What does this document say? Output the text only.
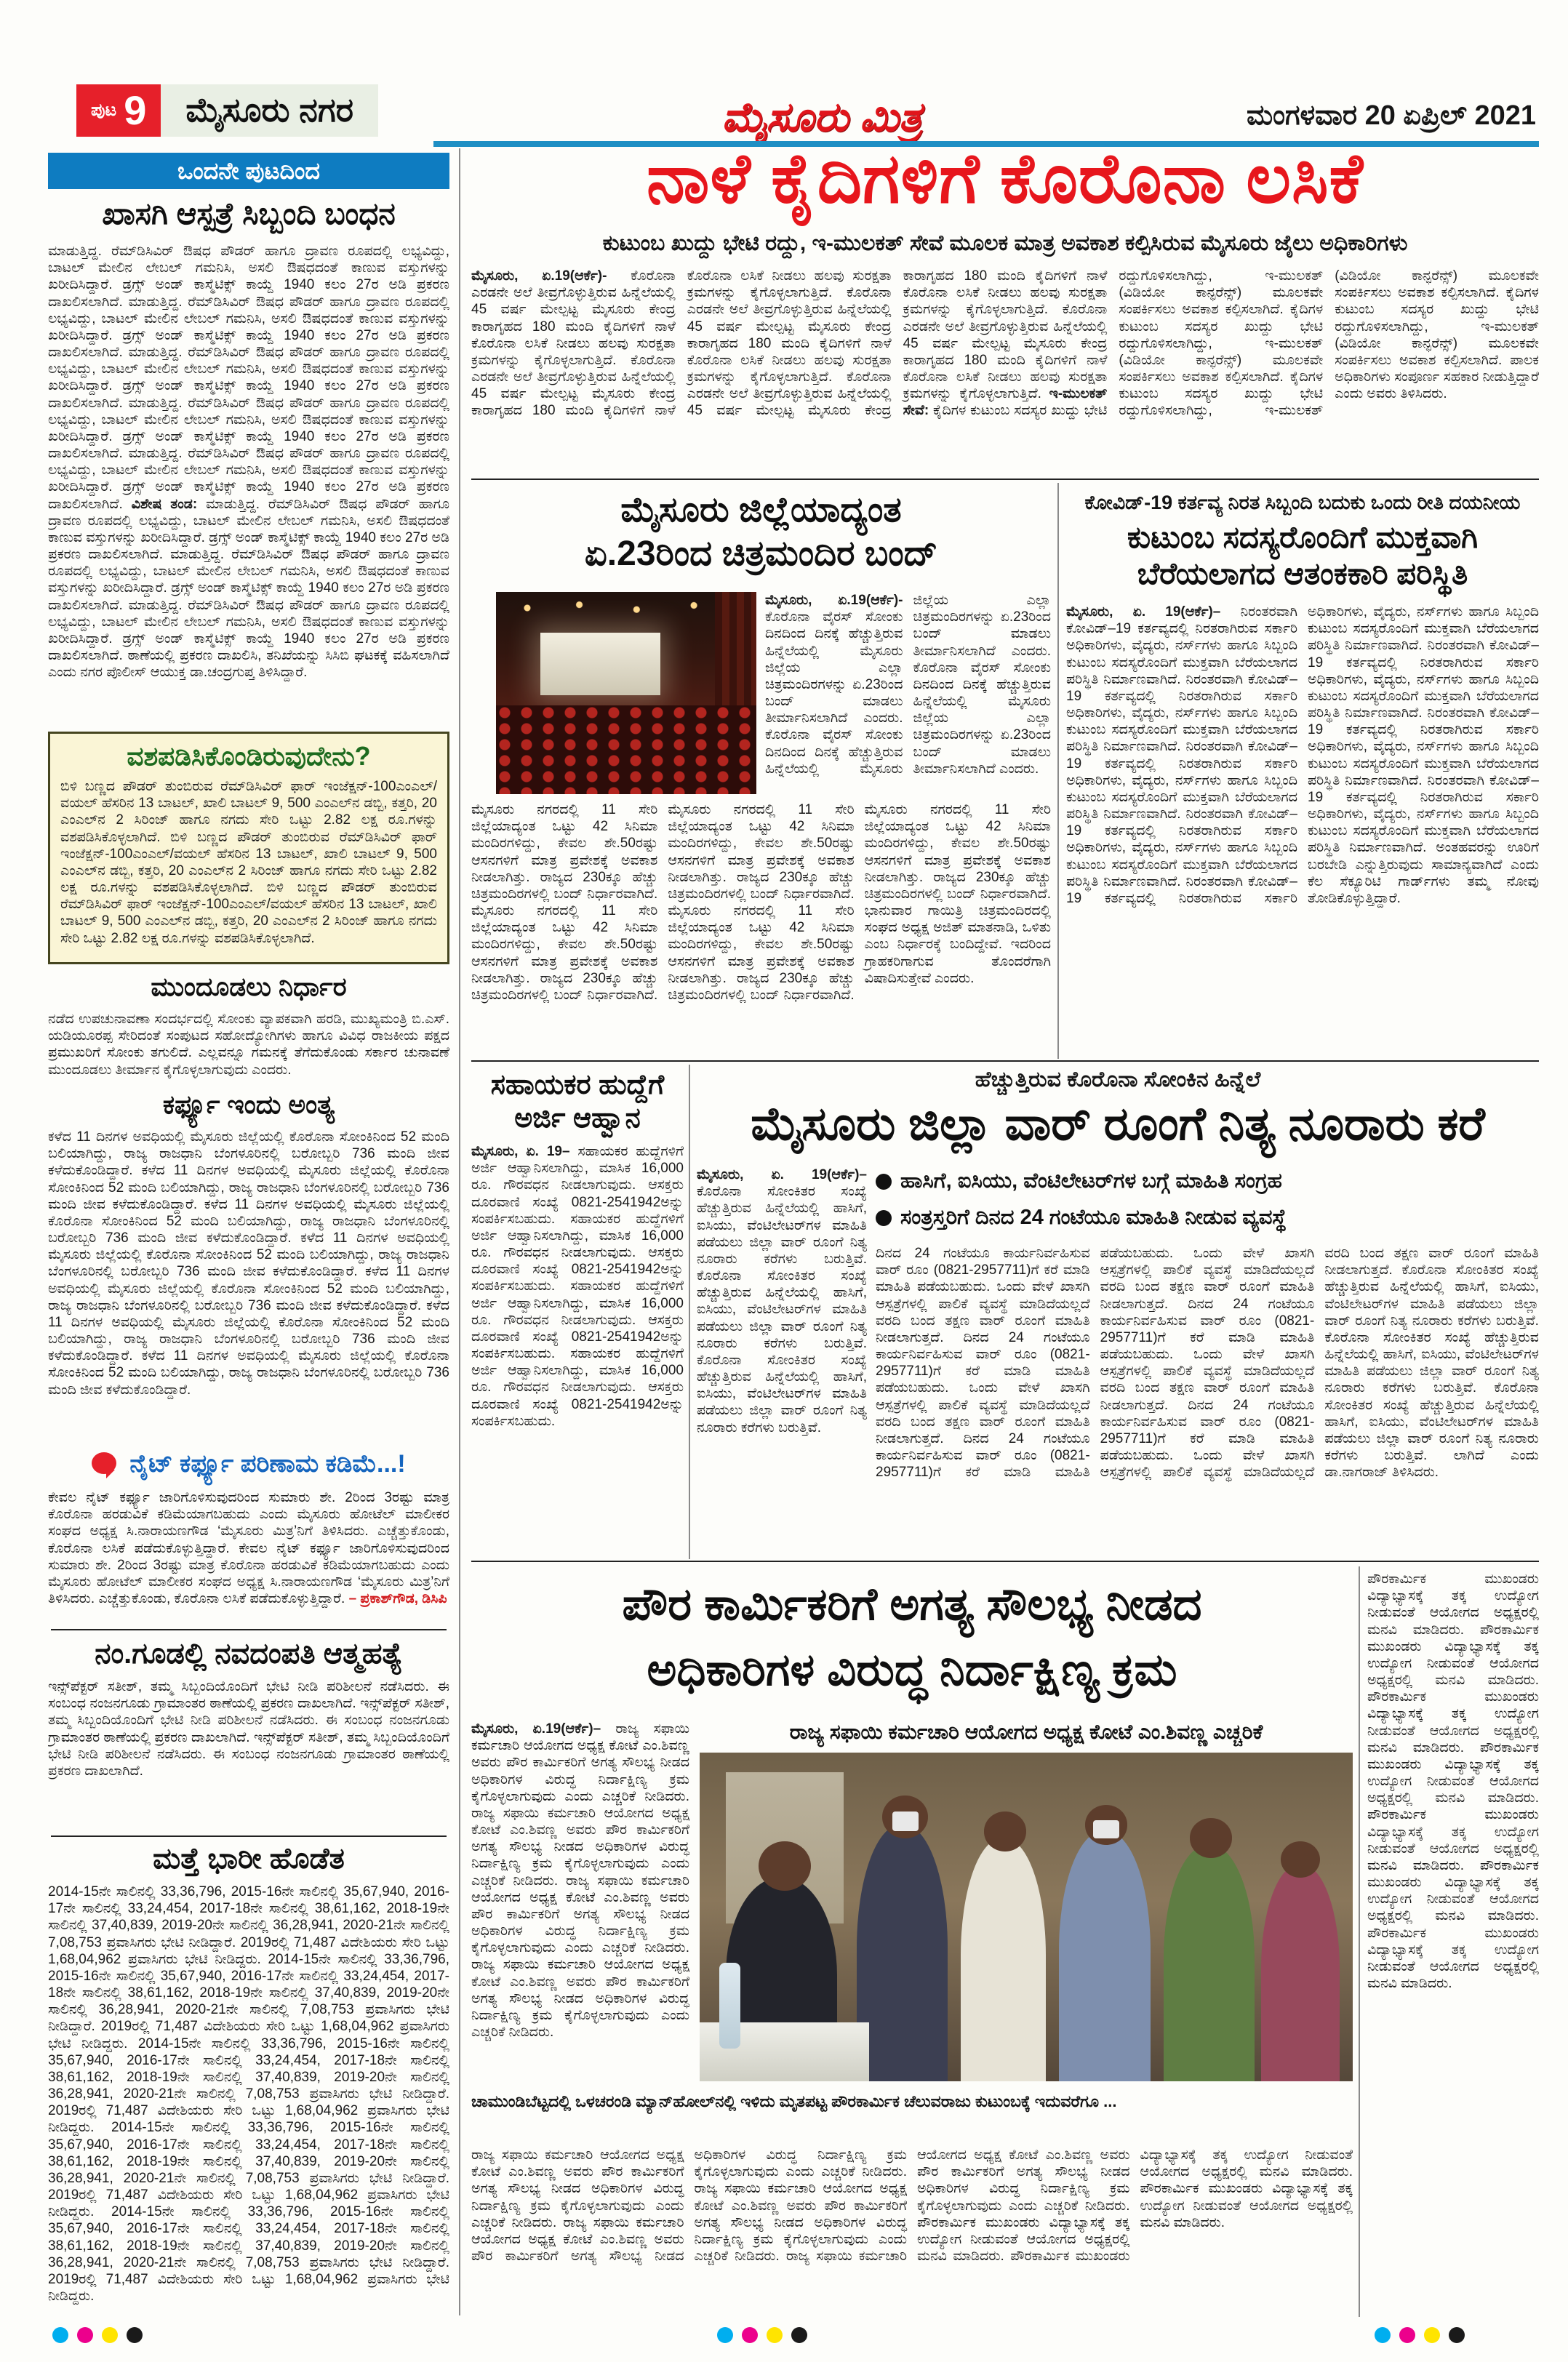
ಪುಟ 9	ಮೈಸೂರು ನಗರ	ಮೈಸೂರು ಮಿತ್ರ	ಮಂಗಳವಾರ 20 ಏಪ್ರಿಲ್ 2021
ಒಂದನೇ ಪುಟದಿಂದ
ಖಾಸಗಿ ಆಸ್ಪತ್ರೆ ಸಿಬ್ಬಂದಿ ಬಂಧನ
ಮಾಡುತ್ತಿದ್ದ. ರೆಮ್‌ಡಿಸಿವಿರ್ ಔಷಧ ಪೌಡರ್ ಹಾಗೂ ದ್ರಾವಣ ರೂಪದಲ್ಲಿ ಲಭ್ಯವಿದ್ದು, ಬಾಟಲ್ ಮೇಲಿನ ಲೇಬಲ್ ಗಮನಿಸಿ, ಅಸಲಿ ಔಷಧದಂತೆ ಕಾಣುವ ವಸ್ತುಗಳನ್ನು ಖರೀದಿಸಿದ್ದಾರೆ. ಡ್ರಗ್ಸ್ ಅಂಡ್ ಕಾಸ್ಮೆಟಿಕ್ಸ್ ಕಾಯ್ದೆ 1940 ಕಲಂ 27ರ ಅಡಿ ಪ್ರಕರಣ ದಾಖಲಿಸಲಾಗಿದೆ. ಮಾಡುತ್ತಿದ್ದ. ರೆಮ್‌ಡಿಸಿವಿರ್ ಔಷಧ ಪೌಡರ್ ಹಾಗೂ ದ್ರಾವಣ ರೂಪದಲ್ಲಿ ಲಭ್ಯವಿದ್ದು, ಬಾಟಲ್ ಮೇಲಿನ ಲೇಬಲ್ ಗಮನಿಸಿ, ಅಸಲಿ ಔಷಧದಂತೆ ಕಾಣುವ ವಸ್ತುಗಳನ್ನು ಖರೀದಿಸಿದ್ದಾರೆ. ಡ್ರಗ್ಸ್ ಅಂಡ್ ಕಾಸ್ಮೆಟಿಕ್ಸ್ ಕಾಯ್ದೆ 1940 ಕಲಂ 27ರ ಅಡಿ ಪ್ರಕರಣ ದಾಖಲಿಸಲಾಗಿದೆ. ಮಾಡುತ್ತಿದ್ದ. ರೆಮ್‌ಡಿಸಿವಿರ್ ಔಷಧ ಪೌಡರ್ ಹಾಗೂ ದ್ರಾವಣ ರೂಪದಲ್ಲಿ ಲಭ್ಯವಿದ್ದು, ಬಾಟಲ್ ಮೇಲಿನ ಲೇಬಲ್ ಗಮನಿಸಿ, ಅಸಲಿ ಔಷಧದಂತೆ ಕಾಣುವ ವಸ್ತುಗಳನ್ನು ಖರೀದಿಸಿದ್ದಾರೆ. ಡ್ರಗ್ಸ್ ಅಂಡ್ ಕಾಸ್ಮೆಟಿಕ್ಸ್ ಕಾಯ್ದೆ 1940 ಕಲಂ 27ರ ಅಡಿ ಪ್ರಕರಣ ದಾಖಲಿಸಲಾಗಿದೆ. ಮಾಡುತ್ತಿದ್ದ. ರೆಮ್‌ಡಿಸಿವಿರ್ ಔಷಧ ಪೌಡರ್ ಹಾಗೂ ದ್ರಾವಣ ರೂಪದಲ್ಲಿ ಲಭ್ಯವಿದ್ದು, ಬಾಟಲ್ ಮೇಲಿನ ಲೇಬಲ್ ಗಮನಿಸಿ, ಅಸಲಿ ಔಷಧದಂತೆ ಕಾಣುವ ವಸ್ತುಗಳನ್ನು ಖರೀದಿಸಿದ್ದಾರೆ. ಡ್ರಗ್ಸ್ ಅಂಡ್ ಕಾಸ್ಮೆಟಿಕ್ಸ್ ಕಾಯ್ದೆ 1940 ಕಲಂ 27ರ ಅಡಿ ಪ್ರಕರಣ ದಾಖಲಿಸಲಾಗಿದೆ. ಮಾಡುತ್ತಿದ್ದ. ರೆಮ್‌ಡಿಸಿವಿರ್ ಔಷಧ ಪೌಡರ್ ಹಾಗೂ ದ್ರಾವಣ ರೂಪದಲ್ಲಿ ಲಭ್ಯವಿದ್ದು, ಬಾಟಲ್ ಮೇಲಿನ ಲೇಬಲ್ ಗಮನಿಸಿ, ಅಸಲಿ ಔಷಧದಂತೆ ಕಾಣುವ ವಸ್ತುಗಳನ್ನು ಖರೀದಿಸಿದ್ದಾರೆ. ಡ್ರಗ್ಸ್ ಅಂಡ್ ಕಾಸ್ಮೆಟಿಕ್ಸ್ ಕಾಯ್ದೆ 1940 ಕಲಂ 27ರ ಅಡಿ ಪ್ರಕರಣ ದಾಖಲಿಸಲಾಗಿದೆ. ವಿಶೇಷ ತಂಡ: ಮಾಡುತ್ತಿದ್ದ. ರೆಮ್‌ಡಿಸಿವಿರ್ ಔಷಧ ಪೌಡರ್ ಹಾಗೂ ದ್ರಾವಣ ರೂಪದಲ್ಲಿ ಲಭ್ಯವಿದ್ದು, ಬಾಟಲ್ ಮೇಲಿನ ಲೇಬಲ್ ಗಮನಿಸಿ, ಅಸಲಿ ಔಷಧದಂತೆ ಕಾಣುವ ವಸ್ತುಗಳನ್ನು ಖರೀದಿಸಿದ್ದಾರೆ. ಡ್ರಗ್ಸ್ ಅಂಡ್ ಕಾಸ್ಮೆಟಿಕ್ಸ್ ಕಾಯ್ದೆ 1940 ಕಲಂ 27ರ ಅಡಿ ಪ್ರಕರಣ ದಾಖಲಿಸಲಾಗಿದೆ. ಮಾಡುತ್ತಿದ್ದ. ರೆಮ್‌ಡಿಸಿವಿರ್ ಔಷಧ ಪೌಡರ್ ಹಾಗೂ ದ್ರಾವಣ ರೂಪದಲ್ಲಿ ಲಭ್ಯವಿದ್ದು, ಬಾಟಲ್ ಮೇಲಿನ ಲೇಬಲ್ ಗಮನಿಸಿ, ಅಸಲಿ ಔಷಧದಂತೆ ಕಾಣುವ ವಸ್ತುಗಳನ್ನು ಖರೀದಿಸಿದ್ದಾರೆ. ಡ್ರಗ್ಸ್ ಅಂಡ್ ಕಾಸ್ಮೆಟಿಕ್ಸ್ ಕಾಯ್ದೆ 1940 ಕಲಂ 27ರ ಅಡಿ ಪ್ರಕರಣ ದಾಖಲಿಸಲಾಗಿದೆ. ಮಾಡುತ್ತಿದ್ದ. ರೆಮ್‌ಡಿಸಿವಿರ್ ಔಷಧ ಪೌಡರ್ ಹಾಗೂ ದ್ರಾವಣ ರೂಪದಲ್ಲಿ ಲಭ್ಯವಿದ್ದು, ಬಾಟಲ್ ಮೇಲಿನ ಲೇಬಲ್ ಗಮನಿಸಿ, ಅಸಲಿ ಔಷಧದಂತೆ ಕಾಣುವ ವಸ್ತುಗಳನ್ನು ಖರೀದಿಸಿದ್ದಾರೆ. ಡ್ರಗ್ಸ್ ಅಂಡ್ ಕಾಸ್ಮೆಟಿಕ್ಸ್ ಕಾಯ್ದೆ 1940 ಕಲಂ 27ರ ಅಡಿ ಪ್ರಕರಣ ದಾಖಲಿಸಲಾಗಿದೆ. ಠಾಣೆಯಲ್ಲಿ ಪ್ರಕರಣ ದಾಖಲಿಸಿ, ತನಿಖೆಯನ್ನು ಸಿಸಿಬಿ ಘಟಕಕ್ಕೆ ವಹಿಸಲಾಗಿದೆ ಎಂದು ನಗರ ಪೊಲೀಸ್ ಆಯುಕ್ತ ಡಾ.ಚಂದ್ರಗುಪ್ತ ತಿಳಿಸಿದ್ದಾರೆ.
ವಶಪಡಿಸಿಕೊಂಡಿರುವುದೇನು?
ಬಿಳಿ ಬಣ್ಣದ ಪೌಡರ್ ತುಂಬಿರುವ ರೆಮ್‌ಡಿಸಿವಿರ್ ಫಾರ್ ಇಂಜೆಕ್ಷನ್-100ಎಂಎಲ್/ವಯಲ್ ಹೆಸರಿನ 13 ಬಾಟಲ್, ಖಾಲಿ ಬಾಟಲ್ 9, 500 ಎಂಎಲ್‌ನ ಡಬ್ಬಿ, ಕತ್ತರಿ, 20 ಎಂಎಲ್‌ನ 2 ಸಿರಿಂಜ್ ಹಾಗೂ ನಗದು ಸೇರಿ ಒಟ್ಟು 2.82 ಲಕ್ಷ ರೂ.ಗಳನ್ನು ವಶಪಡಿಸಿಕೊಳ್ಳಲಾಗಿದೆ. ಬಿಳಿ ಬಣ್ಣದ ಪೌಡರ್ ತುಂಬಿರುವ ರೆಮ್‌ಡಿಸಿವಿರ್ ಫಾರ್ ಇಂಜೆಕ್ಷನ್-100ಎಂಎಲ್/ವಯಲ್ ಹೆಸರಿನ 13 ಬಾಟಲ್, ಖಾಲಿ ಬಾಟಲ್ 9, 500 ಎಂಎಲ್‌ನ ಡಬ್ಬಿ, ಕತ್ತರಿ, 20 ಎಂಎಲ್‌ನ 2 ಸಿರಿಂಜ್ ಹಾಗೂ ನಗದು ಸೇರಿ ಒಟ್ಟು 2.82 ಲಕ್ಷ ರೂ.ಗಳನ್ನು ವಶಪಡಿಸಿಕೊಳ್ಳಲಾಗಿದೆ. ಬಿಳಿ ಬಣ್ಣದ ಪೌಡರ್ ತುಂಬಿರುವ ರೆಮ್‌ಡಿಸಿವಿರ್ ಫಾರ್ ಇಂಜೆಕ್ಷನ್-100ಎಂಎಲ್/ವಯಲ್ ಹೆಸರಿನ 13 ಬಾಟಲ್, ಖಾಲಿ ಬಾಟಲ್ 9, 500 ಎಂಎಲ್‌ನ ಡಬ್ಬಿ, ಕತ್ತರಿ, 20 ಎಂಎಲ್‌ನ 2 ಸಿರಿಂಜ್ ಹಾಗೂ ನಗದು ಸೇರಿ ಒಟ್ಟು 2.82 ಲಕ್ಷ ರೂ.ಗಳನ್ನು ವಶಪಡಿಸಿಕೊಳ್ಳಲಾಗಿದೆ.
ಮುಂದೂಡಲು ನಿರ್ಧಾರ
ನಡೆದ ಉಪಚುನಾವಣಾ ಸಂದರ್ಭದಲ್ಲಿ ಸೋಂಕು ವ್ಯಾಪಕವಾಗಿ ಹರಡಿ, ಮುಖ್ಯಮಂತ್ರಿ ಬಿ.ಎಸ್. ಯಡಿಯೂರಪ್ಪ ಸೇರಿದಂತೆ ಸಂಪುಟದ ಸಹೋದ್ಯೋಗಿಗಳು ಹಾಗೂ ವಿವಿಧ ರಾಜಕೀಯ ಪಕ್ಷದ ಪ್ರಮುಖರಿಗೆ ಸೋಂಕು ತಗುಲಿದೆ. ಎಲ್ಲವನ್ನೂ ಗಮನಕ್ಕೆ ತೆಗೆದುಕೊಂಡು ಸರ್ಕಾರ ಚುನಾವಣೆ ಮುಂದೂಡಲು ತೀರ್ಮಾನ ಕೈಗೊಳ್ಳಲಾಗುವುದು ಎಂದರು.
ಕರ್ಫ್ಯೂ ಇಂದು ಅಂತ್ಯ
ಕಳೆದ 11 ದಿನಗಳ ಅವಧಿಯಲ್ಲಿ ಮೈಸೂರು ಜಿಲ್ಲೆಯಲ್ಲಿ ಕೊರೊನಾ ಸೋಂಕಿನಿಂದ 52 ಮಂದಿ ಬಲಿಯಾಗಿದ್ದು, ರಾಜ್ಯ ರಾಜಧಾನಿ ಬೆಂಗಳೂರಿನಲ್ಲಿ ಬರೋಬ್ಬರಿ 736 ಮಂದಿ ಜೀವ ಕಳೆದುಕೊಂಡಿದ್ದಾರೆ. ಕಳೆದ 11 ದಿನಗಳ ಅವಧಿಯಲ್ಲಿ ಮೈಸೂರು ಜಿಲ್ಲೆಯಲ್ಲಿ ಕೊರೊನಾ ಸೋಂಕಿನಿಂದ 52 ಮಂದಿ ಬಲಿಯಾಗಿದ್ದು, ರಾಜ್ಯ ರಾಜಧಾನಿ ಬೆಂಗಳೂರಿನಲ್ಲಿ ಬರೋಬ್ಬರಿ 736 ಮಂದಿ ಜೀವ ಕಳೆದುಕೊಂಡಿದ್ದಾರೆ. ಕಳೆದ 11 ದಿನಗಳ ಅವಧಿಯಲ್ಲಿ ಮೈಸೂರು ಜಿಲ್ಲೆಯಲ್ಲಿ ಕೊರೊನಾ ಸೋಂಕಿನಿಂದ 52 ಮಂದಿ ಬಲಿಯಾಗಿದ್ದು, ರಾಜ್ಯ ರಾಜಧಾನಿ ಬೆಂಗಳೂರಿನಲ್ಲಿ ಬರೋಬ್ಬರಿ 736 ಮಂದಿ ಜೀವ ಕಳೆದುಕೊಂಡಿದ್ದಾರೆ. ಕಳೆದ 11 ದಿನಗಳ ಅವಧಿಯಲ್ಲಿ ಮೈಸೂರು ಜಿಲ್ಲೆಯಲ್ಲಿ ಕೊರೊನಾ ಸೋಂಕಿನಿಂದ 52 ಮಂದಿ ಬಲಿಯಾಗಿದ್ದು, ರಾಜ್ಯ ರಾಜಧಾನಿ ಬೆಂಗಳೂರಿನಲ್ಲಿ ಬರೋಬ್ಬರಿ 736 ಮಂದಿ ಜೀವ ಕಳೆದುಕೊಂಡಿದ್ದಾರೆ. ಕಳೆದ 11 ದಿನಗಳ ಅವಧಿಯಲ್ಲಿ ಮೈಸೂರು ಜಿಲ್ಲೆಯಲ್ಲಿ ಕೊರೊನಾ ಸೋಂಕಿನಿಂದ 52 ಮಂದಿ ಬಲಿಯಾಗಿದ್ದು, ರಾಜ್ಯ ರಾಜಧಾನಿ ಬೆಂಗಳೂರಿನಲ್ಲಿ ಬರೋಬ್ಬರಿ 736 ಮಂದಿ ಜೀವ ಕಳೆದುಕೊಂಡಿದ್ದಾರೆ. ಕಳೆದ 11 ದಿನಗಳ ಅವಧಿಯಲ್ಲಿ ಮೈಸೂರು ಜಿಲ್ಲೆಯಲ್ಲಿ ಕೊರೊನಾ ಸೋಂಕಿನಿಂದ 52 ಮಂದಿ ಬಲಿಯಾಗಿದ್ದು, ರಾಜ್ಯ ರಾಜಧಾನಿ ಬೆಂಗಳೂರಿನಲ್ಲಿ ಬರೋಬ್ಬರಿ 736 ಮಂದಿ ಜೀವ ಕಳೆದುಕೊಂಡಿದ್ದಾರೆ. ಕಳೆದ 11 ದಿನಗಳ ಅವಧಿಯಲ್ಲಿ ಮೈಸೂರು ಜಿಲ್ಲೆಯಲ್ಲಿ ಕೊರೊನಾ ಸೋಂಕಿನಿಂದ 52 ಮಂದಿ ಬಲಿಯಾಗಿದ್ದು, ರಾಜ್ಯ ರಾಜಧಾನಿ ಬೆಂಗಳೂರಿನಲ್ಲಿ ಬರೋಬ್ಬರಿ 736 ಮಂದಿ ಜೀವ ಕಳೆದುಕೊಂಡಿದ್ದಾರೆ.
ನೈಟ್ ಕರ್ಫ್ಯೂ ಪರಿಣಾಮ ಕಡಿಮೆ...!
ಕೇವಲ ನೈಟ್ ಕರ್ಫ್ಯೂ ಜಾರಿಗೊಳಿಸುವುದರಿಂದ ಸುಮಾರು ಶೇ. 2ರಿಂದ 3ರಷ್ಟು ಮಾತ್ರ ಕೊರೊನಾ ಹರಡುವಿಕೆ ಕಡಿಮೆಯಾಗಬಹುದು ಎಂದು ಮೈಸೂರು ಹೋಟೆಲ್ ಮಾಲೀಕರ ಸಂಘದ ಅಧ್ಯಕ್ಷ ಸಿ.ನಾರಾಯಣಗೌಡ ‘ಮೈಸೂರು ಮಿತ್ರ’ನಿಗೆ ತಿಳಿಸಿದರು. ಎಚ್ಚೆತ್ತುಕೊಂಡು, ಕೊರೊನಾ ಲಸಿಕೆ ಪಡೆದುಕೊಳ್ಳುತ್ತಿದ್ದಾರೆ. ಕೇವಲ ನೈಟ್ ಕರ್ಫ್ಯೂ ಜಾರಿಗೊಳಿಸುವುದರಿಂದ ಸುಮಾರು ಶೇ. 2ರಿಂದ 3ರಷ್ಟು ಮಾತ್ರ ಕೊರೊನಾ ಹರಡುವಿಕೆ ಕಡಿಮೆಯಾಗಬಹುದು ಎಂದು ಮೈಸೂರು ಹೋಟೆಲ್ ಮಾಲೀಕರ ಸಂಘದ ಅಧ್ಯಕ್ಷ ಸಿ.ನಾರಾಯಣಗೌಡ ‘ಮೈಸೂರು ಮಿತ್ರ’ನಿಗೆ ತಿಳಿಸಿದರು. ಎಚ್ಚೆತ್ತುಕೊಂಡು, ಕೊರೊನಾ ಲಸಿಕೆ ಪಡೆದುಕೊಳ್ಳುತ್ತಿದ್ದಾರೆ. – ಪ್ರಕಾಶ್‌ಗೌಡ, ಡಿಸಿಪಿ
ನಂ.ಗೂಡಲ್ಲಿ ನವದಂಪತಿ ಆತ್ಮಹತ್ಯೆ
ಇನ್ಸ್‌ಪೆಕ್ಟರ್ ಸತೀಶ್, ತಮ್ಮ ಸಿಬ್ಬಂದಿಯೊಂದಿಗೆ ಭೇಟಿ ನೀಡಿ ಪರಿಶೀಲನೆ ನಡೆಸಿದರು. ಈ ಸಂಬಂಧ ನಂಜನಗೂಡು ಗ್ರಾಮಾಂತರ ಠಾಣೆಯಲ್ಲಿ ಪ್ರಕರಣ ದಾಖಲಾಗಿದೆ. ಇನ್ಸ್‌ಪೆಕ್ಟರ್ ಸತೀಶ್, ತಮ್ಮ ಸಿಬ್ಬಂದಿಯೊಂದಿಗೆ ಭೇಟಿ ನೀಡಿ ಪರಿಶೀಲನೆ ನಡೆಸಿದರು. ಈ ಸಂಬಂಧ ನಂಜನಗೂಡು ಗ್ರಾಮಾಂತರ ಠಾಣೆಯಲ್ಲಿ ಪ್ರಕರಣ ದಾಖಲಾಗಿದೆ. ಇನ್ಸ್‌ಪೆಕ್ಟರ್ ಸತೀಶ್, ತಮ್ಮ ಸಿಬ್ಬಂದಿಯೊಂದಿಗೆ ಭೇಟಿ ನೀಡಿ ಪರಿಶೀಲನೆ ನಡೆಸಿದರು. ಈ ಸಂಬಂಧ ನಂಜನಗೂಡು ಗ್ರಾಮಾಂತರ ಠಾಣೆಯಲ್ಲಿ ಪ್ರಕರಣ ದಾಖಲಾಗಿದೆ.
ಮತ್ತೆ ಭಾರೀ ಹೊಡೆತ
2014-15ನೇ ಸಾಲಿನಲ್ಲಿ 33,36,796, 2015-16ನೇ ಸಾಲಿನಲ್ಲಿ 35,67,940, 2016-17ನೇ ಸಾಲಿನಲ್ಲಿ 33,24,454, 2017-18ನೇ ಸಾಲಿನಲ್ಲಿ 38,61,162, 2018-19ನೇ ಸಾಲಿನಲ್ಲಿ 37,40,839, 2019-20ನೇ ಸಾಲಿನಲ್ಲಿ 36,28,941, 2020-21ನೇ ಸಾಲಿನಲ್ಲಿ 7,08,753 ಪ್ರವಾಸಿಗರು ಭೇಟಿ ನೀಡಿದ್ದಾರೆ. 2019ರಲ್ಲಿ 71,487 ವಿದೇಶಿಯರು ಸೇರಿ ಒಟ್ಟು 1,68,04,962 ಪ್ರವಾಸಿಗರು ಭೇಟಿ ನೀಡಿದ್ದರು. 2014-15ನೇ ಸಾಲಿನಲ್ಲಿ 33,36,796, 2015-16ನೇ ಸಾಲಿನಲ್ಲಿ 35,67,940, 2016-17ನೇ ಸಾಲಿನಲ್ಲಿ 33,24,454, 2017-18ನೇ ಸಾಲಿನಲ್ಲಿ 38,61,162, 2018-19ನೇ ಸಾಲಿನಲ್ಲಿ 37,40,839, 2019-20ನೇ ಸಾಲಿನಲ್ಲಿ 36,28,941, 2020-21ನೇ ಸಾಲಿನಲ್ಲಿ 7,08,753 ಪ್ರವಾಸಿಗರು ಭೇಟಿ ನೀಡಿದ್ದಾರೆ. 2019ರಲ್ಲಿ 71,487 ವಿದೇಶಿಯರು ಸೇರಿ ಒಟ್ಟು 1,68,04,962 ಪ್ರವಾಸಿಗರು ಭೇಟಿ ನೀಡಿದ್ದರು. 2014-15ನೇ ಸಾಲಿನಲ್ಲಿ 33,36,796, 2015-16ನೇ ಸಾಲಿನಲ್ಲಿ 35,67,940, 2016-17ನೇ ಸಾಲಿನಲ್ಲಿ 33,24,454, 2017-18ನೇ ಸಾಲಿನಲ್ಲಿ 38,61,162, 2018-19ನೇ ಸಾಲಿನಲ್ಲಿ 37,40,839, 2019-20ನೇ ಸಾಲಿನಲ್ಲಿ 36,28,941, 2020-21ನೇ ಸಾಲಿನಲ್ಲಿ 7,08,753 ಪ್ರವಾಸಿಗರು ಭೇಟಿ ನೀಡಿದ್ದಾರೆ. 2019ರಲ್ಲಿ 71,487 ವಿದೇಶಿಯರು ಸೇರಿ ಒಟ್ಟು 1,68,04,962 ಪ್ರವಾಸಿಗರು ಭೇಟಿ ನೀಡಿದ್ದರು. 2014-15ನೇ ಸಾಲಿನಲ್ಲಿ 33,36,796, 2015-16ನೇ ಸಾಲಿನಲ್ಲಿ 35,67,940, 2016-17ನೇ ಸಾಲಿನಲ್ಲಿ 33,24,454, 2017-18ನೇ ಸಾಲಿನಲ್ಲಿ 38,61,162, 2018-19ನೇ ಸಾಲಿನಲ್ಲಿ 37,40,839, 2019-20ನೇ ಸಾಲಿನಲ್ಲಿ 36,28,941, 2020-21ನೇ ಸಾಲಿನಲ್ಲಿ 7,08,753 ಪ್ರವಾಸಿಗರು ಭೇಟಿ ನೀಡಿದ್ದಾರೆ. 2019ರಲ್ಲಿ 71,487 ವಿದೇಶಿಯರು ಸೇರಿ ಒಟ್ಟು 1,68,04,962 ಪ್ರವಾಸಿಗರು ಭೇಟಿ ನೀಡಿದ್ದರು. 2014-15ನೇ ಸಾಲಿನಲ್ಲಿ 33,36,796, 2015-16ನೇ ಸಾಲಿನಲ್ಲಿ 35,67,940, 2016-17ನೇ ಸಾಲಿನಲ್ಲಿ 33,24,454, 2017-18ನೇ ಸಾಲಿನಲ್ಲಿ 38,61,162, 2018-19ನೇ ಸಾಲಿನಲ್ಲಿ 37,40,839, 2019-20ನೇ ಸಾಲಿನಲ್ಲಿ 36,28,941, 2020-21ನೇ ಸಾಲಿನಲ್ಲಿ 7,08,753 ಪ್ರವಾಸಿಗರು ಭೇಟಿ ನೀಡಿದ್ದಾರೆ. 2019ರಲ್ಲಿ 71,487 ವಿದೇಶಿಯರು ಸೇರಿ ಒಟ್ಟು 1,68,04,962 ಪ್ರವಾಸಿಗರು ಭೇಟಿ ನೀಡಿದ್ದರು.
ನಾಳೆ ಕೈದಿಗಳಿಗೆ ಕೊರೊನಾ ಲಸಿಕೆ
ಕುಟುಂಬ ಖುದ್ದು ಭೇಟಿ ರದ್ದು, ಇ-ಮುಲಕತ್ ಸೇವೆ ಮೂಲಕ ಮಾತ್ರ ಅವಕಾಶ ಕಲ್ಪಿಸಿರುವ ಮೈಸೂರು ಜೈಲು ಅಧಿಕಾರಿಗಳು
ಮೈಸೂರು, ಏ.19(ಆರ್ಕೆ)- ಕೊರೊನಾ ಎರಡನೇ ಅಲೆ ತೀವ್ರಗೊಳ್ಳುತ್ತಿರುವ ಹಿನ್ನೆಲೆಯಲ್ಲಿ 45 ವರ್ಷ ಮೇಲ್ಪಟ್ಟ ಮೈಸೂರು ಕೇಂದ್ರ ಕಾರಾಗೃಹದ 180 ಮಂದಿ ಕೈದಿಗಳಿಗೆ ನಾಳೆ ಕೊರೊನಾ ಲಸಿಕೆ ನೀಡಲು ಹಲವು ಸುರಕ್ಷತಾ ಕ್ರಮಗಳನ್ನು ಕೈಗೊಳ್ಳಲಾಗುತ್ತಿದೆ. ಕೊರೊನಾ ಎರಡನೇ ಅಲೆ ತೀವ್ರಗೊಳ್ಳುತ್ತಿರುವ ಹಿನ್ನೆಲೆಯಲ್ಲಿ 45 ವರ್ಷ ಮೇಲ್ಪಟ್ಟ ಮೈಸೂರು ಕೇಂದ್ರ ಕಾರಾಗೃಹದ 180 ಮಂದಿ ಕೈದಿಗಳಿಗೆ ನಾಳೆ ಕೊರೊನಾ ಲಸಿಕೆ ನೀಡಲು ಹಲವು ಸುರಕ್ಷತಾ ಕ್ರಮಗಳನ್ನು ಕೈಗೊಳ್ಳಲಾಗುತ್ತಿದೆ. ಕೊರೊನಾ ಎರಡನೇ ಅಲೆ ತೀವ್ರಗೊಳ್ಳುತ್ತಿರುವ ಹಿನ್ನೆಲೆಯಲ್ಲಿ 45 ವರ್ಷ ಮೇಲ್ಪಟ್ಟ ಮೈಸೂರು ಕೇಂದ್ರ ಕಾರಾಗೃಹದ 180 ಮಂದಿ ಕೈದಿಗಳಿಗೆ ನಾಳೆ ಕೊರೊನಾ ಲಸಿಕೆ ನೀಡಲು ಹಲವು ಸುರಕ್ಷತಾ ಕ್ರಮಗಳನ್ನು ಕೈಗೊಳ್ಳಲಾಗುತ್ತಿದೆ. ಕೊರೊನಾ ಎರಡನೇ ಅಲೆ ತೀವ್ರಗೊಳ್ಳುತ್ತಿರುವ ಹಿನ್ನೆಲೆಯಲ್ಲಿ 45 ವರ್ಷ ಮೇಲ್ಪಟ್ಟ ಮೈಸೂರು ಕೇಂದ್ರ ಕಾರಾಗೃಹದ 180 ಮಂದಿ ಕೈದಿಗಳಿಗೆ ನಾಳೆ ಕೊರೊನಾ ಲಸಿಕೆ ನೀಡಲು ಹಲವು ಸುರಕ್ಷತಾ ಕ್ರಮಗಳನ್ನು ಕೈಗೊಳ್ಳಲಾಗುತ್ತಿದೆ. ಕೊರೊನಾ ಎರಡನೇ ಅಲೆ ತೀವ್ರಗೊಳ್ಳುತ್ತಿರುವ ಹಿನ್ನೆಲೆಯಲ್ಲಿ 45 ವರ್ಷ ಮೇಲ್ಪಟ್ಟ ಮೈಸೂರು ಕೇಂದ್ರ ಕಾರಾಗೃಹದ 180 ಮಂದಿ ಕೈದಿಗಳಿಗೆ ನಾಳೆ ಕೊರೊನಾ ಲಸಿಕೆ ನೀಡಲು ಹಲವು ಸುರಕ್ಷತಾ ಕ್ರಮಗಳನ್ನು ಕೈಗೊಳ್ಳಲಾಗುತ್ತಿದೆ. ಇ-ಮುಲಕತ್ ಸೇವೆ: ಕೈದಿಗಳ ಕುಟುಂಬ ಸದಸ್ಯರ ಖುದ್ದು ಭೇಟಿ ರದ್ದುಗೊಳಿಸಲಾಗಿದ್ದು, ಇ-ಮುಲಕತ್ (ವಿಡಿಯೋ ಕಾನ್ಫರೆನ್ಸ್) ಮೂಲಕವೇ ಸಂಪರ್ಕಿಸಲು ಅವಕಾಶ ಕಲ್ಪಿಸಲಾಗಿದೆ. ಕೈದಿಗಳ ಕುಟುಂಬ ಸದಸ್ಯರ ಖುದ್ದು ಭೇಟಿ ರದ್ದುಗೊಳಿಸಲಾಗಿದ್ದು, ಇ-ಮುಲಕತ್ (ವಿಡಿಯೋ ಕಾನ್ಫರೆನ್ಸ್) ಮೂಲಕವೇ ಸಂಪರ್ಕಿಸಲು ಅವಕಾಶ ಕಲ್ಪಿಸಲಾಗಿದೆ. ಕೈದಿಗಳ ಕುಟುಂಬ ಸದಸ್ಯರ ಖುದ್ದು ಭೇಟಿ ರದ್ದುಗೊಳಿಸಲಾಗಿದ್ದು, ಇ-ಮುಲಕತ್ (ವಿಡಿಯೋ ಕಾನ್ಫರೆನ್ಸ್) ಮೂಲಕವೇ ಸಂಪರ್ಕಿಸಲು ಅವಕಾಶ ಕಲ್ಪಿಸಲಾಗಿದೆ. ಕೈದಿಗಳ ಕುಟುಂಬ ಸದಸ್ಯರ ಖುದ್ದು ಭೇಟಿ ರದ್ದುಗೊಳಿಸಲಾಗಿದ್ದು, ಇ-ಮುಲಕತ್ (ವಿಡಿಯೋ ಕಾನ್ಫರೆನ್ಸ್) ಮೂಲಕವೇ ಸಂಪರ್ಕಿಸಲು ಅವಕಾಶ ಕಲ್ಪಿಸಲಾಗಿದೆ. ಪಾಲಕ ಅಧಿಕಾರಿಗಳು ಸಂಪೂರ್ಣ ಸಹಕಾರ ನೀಡುತ್ತಿದ್ದಾರೆ ಎಂದು ಅವರು ತಿಳಿಸಿದರು.
ಮೈಸೂರು ಜಿಲ್ಲೆಯಾದ್ಯಂತ
ಏ.23ರಿಂದ ಚಿತ್ರಮಂದಿರ ಬಂದ್
ಮೈಸೂರು, ಏ.19(ಆರ್ಕೆ)- ಕೊರೊನಾ ವೈರಸ್ ಸೋಂಕು ದಿನದಿಂದ ದಿನಕ್ಕೆ ಹೆಚ್ಚುತ್ತಿರುವ ಹಿನ್ನೆಲೆಯಲ್ಲಿ ಮೈಸೂರು ಜಿಲ್ಲೆಯ ಎಲ್ಲಾ ಚಿತ್ರಮಂದಿರಗಳನ್ನು ಏ.23ರಿಂದ ಬಂದ್ ಮಾಡಲು ತೀರ್ಮಾನಿಸಲಾಗಿದೆ ಎಂದರು. ಕೊರೊನಾ ವೈರಸ್ ಸೋಂಕು ದಿನದಿಂದ ದಿನಕ್ಕೆ ಹೆಚ್ಚುತ್ತಿರುವ ಹಿನ್ನೆಲೆಯಲ್ಲಿ ಮೈಸೂರು ಜಿಲ್ಲೆಯ ಎಲ್ಲಾ ಚಿತ್ರಮಂದಿರಗಳನ್ನು ಏ.23ರಿಂದ ಬಂದ್ ಮಾಡಲು ತೀರ್ಮಾನಿಸಲಾಗಿದೆ ಎಂದರು. ಕೊರೊನಾ ವೈರಸ್ ಸೋಂಕು ದಿನದಿಂದ ದಿನಕ್ಕೆ ಹೆಚ್ಚುತ್ತಿರುವ ಹಿನ್ನೆಲೆಯಲ್ಲಿ ಮೈಸೂರು ಜಿಲ್ಲೆಯ ಎಲ್ಲಾ ಚಿತ್ರಮಂದಿರಗಳನ್ನು ಏ.23ರಿಂದ ಬಂದ್ ಮಾಡಲು ತೀರ್ಮಾನಿಸಲಾಗಿದೆ ಎಂದರು.
ಮೈಸೂರು ನಗರದಲ್ಲಿ 11 ಸೇರಿ ಜಿಲ್ಲೆಯಾದ್ಯಂತ ಒಟ್ಟು 42 ಸಿನಿಮಾ ಮಂದಿರಗಳಿದ್ದು, ಕೇವಲ ಶೇ.50ರಷ್ಟು ಆಸನಗಳಿಗೆ ಮಾತ್ರ ಪ್ರವೇಶಕ್ಕೆ ಅವಕಾಶ ನೀಡಲಾಗಿತ್ತು. ರಾಜ್ಯದ 230ಕ್ಕೂ ಹೆಚ್ಚು ಚಿತ್ರಮಂದಿರಗಳಲ್ಲಿ ಬಂದ್ ನಿರ್ಧಾರವಾಗಿದೆ. ಮೈಸೂರು ನಗರದಲ್ಲಿ 11 ಸೇರಿ ಜಿಲ್ಲೆಯಾದ್ಯಂತ ಒಟ್ಟು 42 ಸಿನಿಮಾ ಮಂದಿರಗಳಿದ್ದು, ಕೇವಲ ಶೇ.50ರಷ್ಟು ಆಸನಗಳಿಗೆ ಮಾತ್ರ ಪ್ರವೇಶಕ್ಕೆ ಅವಕಾಶ ನೀಡಲಾಗಿತ್ತು. ರಾಜ್ಯದ 230ಕ್ಕೂ ಹೆಚ್ಚು ಚಿತ್ರಮಂದಿರಗಳಲ್ಲಿ ಬಂದ್ ನಿರ್ಧಾರವಾಗಿದೆ. ಮೈಸೂರು ನಗರದಲ್ಲಿ 11 ಸೇರಿ ಜಿಲ್ಲೆಯಾದ್ಯಂತ ಒಟ್ಟು 42 ಸಿನಿಮಾ ಮಂದಿರಗಳಿದ್ದು, ಕೇವಲ ಶೇ.50ರಷ್ಟು ಆಸನಗಳಿಗೆ ಮಾತ್ರ ಪ್ರವೇಶಕ್ಕೆ ಅವಕಾಶ ನೀಡಲಾಗಿತ್ತು. ರಾಜ್ಯದ 230ಕ್ಕೂ ಹೆಚ್ಚು ಚಿತ್ರಮಂದಿರಗಳಲ್ಲಿ ಬಂದ್ ನಿರ್ಧಾರವಾಗಿದೆ. ಮೈಸೂರು ನಗರದಲ್ಲಿ 11 ಸೇರಿ ಜಿಲ್ಲೆಯಾದ್ಯಂತ ಒಟ್ಟು 42 ಸಿನಿಮಾ ಮಂದಿರಗಳಿದ್ದು, ಕೇವಲ ಶೇ.50ರಷ್ಟು ಆಸನಗಳಿಗೆ ಮಾತ್ರ ಪ್ರವೇಶಕ್ಕೆ ಅವಕಾಶ ನೀಡಲಾಗಿತ್ತು. ರಾಜ್ಯದ 230ಕ್ಕೂ ಹೆಚ್ಚು ಚಿತ್ರಮಂದಿರಗಳಲ್ಲಿ ಬಂದ್ ನಿರ್ಧಾರವಾಗಿದೆ. ಮೈಸೂರು ನಗರದಲ್ಲಿ 11 ಸೇರಿ ಜಿಲ್ಲೆಯಾದ್ಯಂತ ಒಟ್ಟು 42 ಸಿನಿಮಾ ಮಂದಿರಗಳಿದ್ದು, ಕೇವಲ ಶೇ.50ರಷ್ಟು ಆಸನಗಳಿಗೆ ಮಾತ್ರ ಪ್ರವೇಶಕ್ಕೆ ಅವಕಾಶ ನೀಡಲಾಗಿತ್ತು. ರಾಜ್ಯದ 230ಕ್ಕೂ ಹೆಚ್ಚು ಚಿತ್ರಮಂದಿರಗಳಲ್ಲಿ ಬಂದ್ ನಿರ್ಧಾರವಾಗಿದೆ. ಭಾನುವಾರ ಗಾಯಿತ್ರಿ ಚಿತ್ರಮಂದಿರದಲ್ಲಿ ಸಂಘದ ಅಧ್ಯಕ್ಷ ಅಜಿತ್ ಮಾತನಾಡಿ, ಒಳಿತು ಎಂಬ ನಿರ್ಧಾರಕ್ಕೆ ಬಂದಿದ್ದೇವೆ. ಇದರಿಂದ ಗ್ರಾಹಕರಿಗಾಗುವ ತೊಂದರೆಗಾಗಿ ವಿಷಾದಿಸುತ್ತೇವೆ ಎಂದರು.
ಕೋವಿಡ್-19 ಕರ್ತವ್ಯ ನಿರತ ಸಿಬ್ಬಂದಿ ಬದುಕು ಒಂದು ರೀತಿ ದಯನೀಯ
ಕುಟುಂಬ ಸದಸ್ಯರೊಂದಿಗೆ ಮುಕ್ತವಾಗಿ
ಬೆರೆಯಲಾಗದ ಆತಂಕಕಾರಿ ಪರಿಸ್ಥಿತಿ
ಮೈಸೂರು, ಏ. 19(ಆರ್ಕೆ)– ನಿರಂತರವಾಗಿ ಕೋವಿಡ್–19 ಕರ್ತವ್ಯದಲ್ಲಿ ನಿರತರಾಗಿರುವ ಸರ್ಕಾರಿ ಅಧಿಕಾರಿಗಳು, ವೈದ್ಯರು, ನರ್ಸ್‌ಗಳು ಹಾಗೂ ಸಿಬ್ಬಂದಿ ಕುಟುಂಬ ಸದಸ್ಯರೊಂದಿಗೆ ಮುಕ್ತವಾಗಿ ಬೆರೆಯಲಾಗದ ಪರಿಸ್ಥಿತಿ ನಿರ್ಮಾಣವಾಗಿದೆ. ನಿರಂತರವಾಗಿ ಕೋವಿಡ್–19 ಕರ್ತವ್ಯದಲ್ಲಿ ನಿರತರಾಗಿರುವ ಸರ್ಕಾರಿ ಅಧಿಕಾರಿಗಳು, ವೈದ್ಯರು, ನರ್ಸ್‌ಗಳು ಹಾಗೂ ಸಿಬ್ಬಂದಿ ಕುಟುಂಬ ಸದಸ್ಯರೊಂದಿಗೆ ಮುಕ್ತವಾಗಿ ಬೆರೆಯಲಾಗದ ಪರಿಸ್ಥಿತಿ ನಿರ್ಮಾಣವಾಗಿದೆ. ನಿರಂತರವಾಗಿ ಕೋವಿಡ್–19 ಕರ್ತವ್ಯದಲ್ಲಿ ನಿರತರಾಗಿರುವ ಸರ್ಕಾರಿ ಅಧಿಕಾರಿಗಳು, ವೈದ್ಯರು, ನರ್ಸ್‌ಗಳು ಹಾಗೂ ಸಿಬ್ಬಂದಿ ಕುಟುಂಬ ಸದಸ್ಯರೊಂದಿಗೆ ಮುಕ್ತವಾಗಿ ಬೆರೆಯಲಾಗದ ಪರಿಸ್ಥಿತಿ ನಿರ್ಮಾಣವಾಗಿದೆ. ನಿರಂತರವಾಗಿ ಕೋವಿಡ್–19 ಕರ್ತವ್ಯದಲ್ಲಿ ನಿರತರಾಗಿರುವ ಸರ್ಕಾರಿ ಅಧಿಕಾರಿಗಳು, ವೈದ್ಯರು, ನರ್ಸ್‌ಗಳು ಹಾಗೂ ಸಿಬ್ಬಂದಿ ಕುಟುಂಬ ಸದಸ್ಯರೊಂದಿಗೆ ಮುಕ್ತವಾಗಿ ಬೆರೆಯಲಾಗದ ಪರಿಸ್ಥಿತಿ ನಿರ್ಮಾಣವಾಗಿದೆ. ನಿರಂತರವಾಗಿ ಕೋವಿಡ್–19 ಕರ್ತವ್ಯದಲ್ಲಿ ನಿರತರಾಗಿರುವ ಸರ್ಕಾರಿ ಅಧಿಕಾರಿಗಳು, ವೈದ್ಯರು, ನರ್ಸ್‌ಗಳು ಹಾಗೂ ಸಿಬ್ಬಂದಿ ಕುಟುಂಬ ಸದಸ್ಯರೊಂದಿಗೆ ಮುಕ್ತವಾಗಿ ಬೆರೆಯಲಾಗದ ಪರಿಸ್ಥಿತಿ ನಿರ್ಮಾಣವಾಗಿದೆ. ನಿರಂತರವಾಗಿ ಕೋವಿಡ್–19 ಕರ್ತವ್ಯದಲ್ಲಿ ನಿರತರಾಗಿರುವ ಸರ್ಕಾರಿ ಅಧಿಕಾರಿಗಳು, ವೈದ್ಯರು, ನರ್ಸ್‌ಗಳು ಹಾಗೂ ಸಿಬ್ಬಂದಿ ಕುಟುಂಬ ಸದಸ್ಯರೊಂದಿಗೆ ಮುಕ್ತವಾಗಿ ಬೆರೆಯಲಾಗದ ಪರಿಸ್ಥಿತಿ ನಿರ್ಮಾಣವಾಗಿದೆ. ನಿರಂತರವಾಗಿ ಕೋವಿಡ್–19 ಕರ್ತವ್ಯದಲ್ಲಿ ನಿರತರಾಗಿರುವ ಸರ್ಕಾರಿ ಅಧಿಕಾರಿಗಳು, ವೈದ್ಯರು, ನರ್ಸ್‌ಗಳು ಹಾಗೂ ಸಿಬ್ಬಂದಿ ಕುಟುಂಬ ಸದಸ್ಯರೊಂದಿಗೆ ಮುಕ್ತವಾಗಿ ಬೆರೆಯಲಾಗದ ಪರಿಸ್ಥಿತಿ ನಿರ್ಮಾಣವಾಗಿದೆ. ನಿರಂತರವಾಗಿ ಕೋವಿಡ್–19 ಕರ್ತವ್ಯದಲ್ಲಿ ನಿರತರಾಗಿರುವ ಸರ್ಕಾರಿ ಅಧಿಕಾರಿಗಳು, ವೈದ್ಯರು, ನರ್ಸ್‌ಗಳು ಹಾಗೂ ಸಿಬ್ಬಂದಿ ಕುಟುಂಬ ಸದಸ್ಯರೊಂದಿಗೆ ಮುಕ್ತವಾಗಿ ಬೆರೆಯಲಾಗದ ಪರಿಸ್ಥಿತಿ ನಿರ್ಮಾಣವಾಗಿದೆ. ಅಂತಹವರನ್ನು ಊರಿಗೆ ಬರಬೇಡಿ ಎನ್ನುತ್ತಿರುವುದು ಸಾಮಾನ್ಯವಾಗಿದೆ ಎಂದು ಕೆಲ ಸೆಕ್ಯೂರಿಟಿ ಗಾರ್ಡ್‌ಗಳು ತಮ್ಮ ನೋವು ತೋಡಿಕೊಳ್ಳುತ್ತಿದ್ದಾರೆ.
ಸಹಾಯಕರ ಹುದ್ದೆಗೆ
ಅರ್ಜಿ ಆಹ್ವಾನ
ಮೈಸೂರು, ಏ. 19– ಸಹಾಯಕರ ಹುದ್ದೆಗಳಿಗೆ ಅರ್ಜಿ ಆಹ್ವಾನಿಸಲಾಗಿದ್ದು, ಮಾಸಿಕ 16,000 ರೂ. ಗೌರವಧನ ನೀಡಲಾಗುವುದು. ಆಸಕ್ತರು ದೂರವಾಣಿ ಸಂಖ್ಯೆ 0821-2541942ಅನ್ನು ಸಂಪರ್ಕಿಸಬಹುದು. ಸಹಾಯಕರ ಹುದ್ದೆಗಳಿಗೆ ಅರ್ಜಿ ಆಹ್ವಾನಿಸಲಾಗಿದ್ದು, ಮಾಸಿಕ 16,000 ರೂ. ಗೌರವಧನ ನೀಡಲಾಗುವುದು. ಆಸಕ್ತರು ದೂರವಾಣಿ ಸಂಖ್ಯೆ 0821-2541942ಅನ್ನು ಸಂಪರ್ಕಿಸಬಹುದು. ಸಹಾಯಕರ ಹುದ್ದೆಗಳಿಗೆ ಅರ್ಜಿ ಆಹ್ವಾನಿಸಲಾಗಿದ್ದು, ಮಾಸಿಕ 16,000 ರೂ. ಗೌರವಧನ ನೀಡಲಾಗುವುದು. ಆಸಕ್ತರು ದೂರವಾಣಿ ಸಂಖ್ಯೆ 0821-2541942ಅನ್ನು ಸಂಪರ್ಕಿಸಬಹುದು. ಸಹಾಯಕರ ಹುದ್ದೆಗಳಿಗೆ ಅರ್ಜಿ ಆಹ್ವಾನಿಸಲಾಗಿದ್ದು, ಮಾಸಿಕ 16,000 ರೂ. ಗೌರವಧನ ನೀಡಲಾಗುವುದು. ಆಸಕ್ತರು ದೂರವಾಣಿ ಸಂಖ್ಯೆ 0821-2541942ಅನ್ನು ಸಂಪರ್ಕಿಸಬಹುದು.
ಹೆಚ್ಚುತ್ತಿರುವ ಕೊರೊನಾ ಸೋಂಕಿನ ಹಿನ್ನೆಲೆ
ಮೈಸೂರು ಜಿಲ್ಲಾ ವಾರ್ ರೂಂಗೆ ನಿತ್ಯ ನೂರಾರು ಕರೆ
ಮೈಸೂರು, ಏ. 19(ಆರ್ಕೆ)– ಕೊರೊನಾ ಸೋಂಕಿತರ ಸಂಖ್ಯೆ ಹೆಚ್ಚುತ್ತಿರುವ ಹಿನ್ನೆಲೆಯಲ್ಲಿ ಹಾಸಿಗೆ, ಐಸಿಯು, ವೆಂಟಿಲೇಟರ್‌ಗಳ ಮಾಹಿತಿ ಪಡೆಯಲು ಜಿಲ್ಲಾ ವಾರ್ ರೂಂಗೆ ನಿತ್ಯ ನೂರಾರು ಕರೆಗಳು ಬರುತ್ತಿವೆ. ಕೊರೊನಾ ಸೋಂಕಿತರ ಸಂಖ್ಯೆ ಹೆಚ್ಚುತ್ತಿರುವ ಹಿನ್ನೆಲೆಯಲ್ಲಿ ಹಾಸಿಗೆ, ಐಸಿಯು, ವೆಂಟಿಲೇಟರ್‌ಗಳ ಮಾಹಿತಿ ಪಡೆಯಲು ಜಿಲ್ಲಾ ವಾರ್ ರೂಂಗೆ ನಿತ್ಯ ನೂರಾರು ಕರೆಗಳು ಬರುತ್ತಿವೆ. ಕೊರೊನಾ ಸೋಂಕಿತರ ಸಂಖ್ಯೆ ಹೆಚ್ಚುತ್ತಿರುವ ಹಿನ್ನೆಲೆಯಲ್ಲಿ ಹಾಸಿಗೆ, ಐಸಿಯು, ವೆಂಟಿಲೇಟರ್‌ಗಳ ಮಾಹಿತಿ ಪಡೆಯಲು ಜಿಲ್ಲಾ ವಾರ್ ರೂಂಗೆ ನಿತ್ಯ ನೂರಾರು ಕರೆಗಳು ಬರುತ್ತಿವೆ.
ಹಾಸಿಗೆ, ಐಸಿಯು, ವೆಂಟಿಲೇಟರ್‌ಗಳ ಬಗ್ಗೆ ಮಾಹಿತಿ ಸಂಗ್ರಹ
ಸಂತ್ರಸ್ತರಿಗೆ ದಿನದ 24 ಗಂಟೆಯೂ ಮಾಹಿತಿ ನೀಡುವ ವ್ಯವಸ್ಥೆ
ದಿನದ 24 ಗಂಟೆಯೂ ಕಾರ್ಯನಿರ್ವಹಿಸುವ ವಾರ್ ರೂಂ (0821-2957711)ಗೆ ಕರೆ ಮಾಡಿ ಮಾಹಿತಿ ಪಡೆಯಬಹುದು. ಒಂದು ವೇಳೆ ಖಾಸಗಿ ಆಸ್ಪತ್ರೆಗಳಲ್ಲಿ ಪಾಲಿಕೆ ವ್ಯವಸ್ಥೆ ಮಾಡಿದೆಯಲ್ಲದೆ ವರದಿ ಬಂದ ತಕ್ಷಣ ವಾರ್ ರೂಂಗೆ ಮಾಹಿತಿ ನೀಡಲಾಗುತ್ತದೆ. ದಿನದ 24 ಗಂಟೆಯೂ ಕಾರ್ಯನಿರ್ವಹಿಸುವ ವಾರ್ ರೂಂ (0821-2957711)ಗೆ ಕರೆ ಮಾಡಿ ಮಾಹಿತಿ ಪಡೆಯಬಹುದು. ಒಂದು ವೇಳೆ ಖಾಸಗಿ ಆಸ್ಪತ್ರೆಗಳಲ್ಲಿ ಪಾಲಿಕೆ ವ್ಯವಸ್ಥೆ ಮಾಡಿದೆಯಲ್ಲದೆ ವರದಿ ಬಂದ ತಕ್ಷಣ ವಾರ್ ರೂಂಗೆ ಮಾಹಿತಿ ನೀಡಲಾಗುತ್ತದೆ. ದಿನದ 24 ಗಂಟೆಯೂ ಕಾರ್ಯನಿರ್ವಹಿಸುವ ವಾರ್ ರೂಂ (0821-2957711)ಗೆ ಕರೆ ಮಾಡಿ ಮಾಹಿತಿ ಪಡೆಯಬಹುದು. ಒಂದು ವೇಳೆ ಖಾಸಗಿ ಆಸ್ಪತ್ರೆಗಳಲ್ಲಿ ಪಾಲಿಕೆ ವ್ಯವಸ್ಥೆ ಮಾಡಿದೆಯಲ್ಲದೆ ವರದಿ ಬಂದ ತಕ್ಷಣ ವಾರ್ ರೂಂಗೆ ಮಾಹಿತಿ ನೀಡಲಾಗುತ್ತದೆ. ದಿನದ 24 ಗಂಟೆಯೂ ಕಾರ್ಯನಿರ್ವಹಿಸುವ ವಾರ್ ರೂಂ (0821-2957711)ಗೆ ಕರೆ ಮಾಡಿ ಮಾಹಿತಿ ಪಡೆಯಬಹುದು. ಒಂದು ವೇಳೆ ಖಾಸಗಿ ಆಸ್ಪತ್ರೆಗಳಲ್ಲಿ ಪಾಲಿಕೆ ವ್ಯವಸ್ಥೆ ಮಾಡಿದೆಯಲ್ಲದೆ ವರದಿ ಬಂದ ತಕ್ಷಣ ವಾರ್ ರೂಂಗೆ ಮಾಹಿತಿ ನೀಡಲಾಗುತ್ತದೆ. ದಿನದ 24 ಗಂಟೆಯೂ ಕಾರ್ಯನಿರ್ವಹಿಸುವ ವಾರ್ ರೂಂ (0821-2957711)ಗೆ ಕರೆ ಮಾಡಿ ಮಾಹಿತಿ ಪಡೆಯಬಹುದು. ಒಂದು ವೇಳೆ ಖಾಸಗಿ ಆಸ್ಪತ್ರೆಗಳಲ್ಲಿ ಪಾಲಿಕೆ ವ್ಯವಸ್ಥೆ ಮಾಡಿದೆಯಲ್ಲದೆ ವರದಿ ಬಂದ ತಕ್ಷಣ ವಾರ್ ರೂಂಗೆ ಮಾಹಿತಿ ನೀಡಲಾಗುತ್ತದೆ. ಕೊರೊನಾ ಸೋಂಕಿತರ ಸಂಖ್ಯೆ ಹೆಚ್ಚುತ್ತಿರುವ ಹಿನ್ನೆಲೆಯಲ್ಲಿ ಹಾಸಿಗೆ, ಐಸಿಯು, ವೆಂಟಿಲೇಟರ್‌ಗಳ ಮಾಹಿತಿ ಪಡೆಯಲು ಜಿಲ್ಲಾ ವಾರ್ ರೂಂಗೆ ನಿತ್ಯ ನೂರಾರು ಕರೆಗಳು ಬರುತ್ತಿವೆ. ಕೊರೊನಾ ಸೋಂಕಿತರ ಸಂಖ್ಯೆ ಹೆಚ್ಚುತ್ತಿರುವ ಹಿನ್ನೆಲೆಯಲ್ಲಿ ಹಾಸಿಗೆ, ಐಸಿಯು, ವೆಂಟಿಲೇಟರ್‌ಗಳ ಮಾಹಿತಿ ಪಡೆಯಲು ಜಿಲ್ಲಾ ವಾರ್ ರೂಂಗೆ ನಿತ್ಯ ನೂರಾರು ಕರೆಗಳು ಬರುತ್ತಿವೆ. ಕೊರೊನಾ ಸೋಂಕಿತರ ಸಂಖ್ಯೆ ಹೆಚ್ಚುತ್ತಿರುವ ಹಿನ್ನೆಲೆಯಲ್ಲಿ ಹಾಸಿಗೆ, ಐಸಿಯು, ವೆಂಟಿಲೇಟರ್‌ಗಳ ಮಾಹಿತಿ ಪಡೆಯಲು ಜಿಲ್ಲಾ ವಾರ್ ರೂಂಗೆ ನಿತ್ಯ ನೂರಾರು ಕರೆಗಳು ಬರುತ್ತಿವೆ. ಲಾಗಿದೆ ಎಂದು ಡಾ.ನಾಗರಾಜ್ ತಿಳಿಸಿದರು.
ಪೌರ ಕಾರ್ಮಿಕರಿಗೆ ಅಗತ್ಯ ಸೌಲಭ್ಯ ನೀಡದ
ಅಧಿಕಾರಿಗಳ ವಿರುದ್ಧ ನಿರ್ದಾಕ್ಷಿಣ್ಯ ಕ್ರಮ
ಪೌರಕಾರ್ಮಿಕ ಮುಖಂಡರು ವಿದ್ಯಾಭ್ಯಾಸಕ್ಕೆ ತಕ್ಕ ಉದ್ಯೋಗ ನೀಡುವಂತೆ ಆಯೋಗದ ಅಧ್ಯಕ್ಷರಲ್ಲಿ ಮನವಿ ಮಾಡಿದರು. ಪೌರಕಾರ್ಮಿಕ ಮುಖಂಡರು ವಿದ್ಯಾಭ್ಯಾಸಕ್ಕೆ ತಕ್ಕ ಉದ್ಯೋಗ ನೀಡುವಂತೆ ಆಯೋಗದ ಅಧ್ಯಕ್ಷರಲ್ಲಿ ಮನವಿ ಮಾಡಿದರು. ಪೌರಕಾರ್ಮಿಕ ಮುಖಂಡರು ವಿದ್ಯಾಭ್ಯಾಸಕ್ಕೆ ತಕ್ಕ ಉದ್ಯೋಗ ನೀಡುವಂತೆ ಆಯೋಗದ ಅಧ್ಯಕ್ಷರಲ್ಲಿ ಮನವಿ ಮಾಡಿದರು. ಪೌರಕಾರ್ಮಿಕ ಮುಖಂಡರು ವಿದ್ಯಾಭ್ಯಾಸಕ್ಕೆ ತಕ್ಕ ಉದ್ಯೋಗ ನೀಡುವಂತೆ ಆಯೋಗದ ಅಧ್ಯಕ್ಷರಲ್ಲಿ ಮನವಿ ಮಾಡಿದರು. ಪೌರಕಾರ್ಮಿಕ ಮುಖಂಡರು ವಿದ್ಯಾಭ್ಯಾಸಕ್ಕೆ ತಕ್ಕ ಉದ್ಯೋಗ ನೀಡುವಂತೆ ಆಯೋಗದ ಅಧ್ಯಕ್ಷರಲ್ಲಿ ಮನವಿ ಮಾಡಿದರು. ಪೌರಕಾರ್ಮಿಕ ಮುಖಂಡರು ವಿದ್ಯಾಭ್ಯಾಸಕ್ಕೆ ತಕ್ಕ ಉದ್ಯೋಗ ನೀಡುವಂತೆ ಆಯೋಗದ ಅಧ್ಯಕ್ಷರಲ್ಲಿ ಮನವಿ ಮಾಡಿದರು. ಪೌರಕಾರ್ಮಿಕ ಮುಖಂಡರು ವಿದ್ಯಾಭ್ಯಾಸಕ್ಕೆ ತಕ್ಕ ಉದ್ಯೋಗ ನೀಡುವಂತೆ ಆಯೋಗದ ಅಧ್ಯಕ್ಷರಲ್ಲಿ ಮನವಿ ಮಾಡಿದರು.
ರಾಜ್ಯ ಸಫಾಯಿ ಕರ್ಮಚಾರಿ ಆಯೋಗದ ಅಧ್ಯಕ್ಷ ಕೋಟೆ ಎಂ.ಶಿವಣ್ಣ ಎಚ್ಚರಿಕೆ
ಮೈಸೂರು, ಏ.19(ಆರ್ಕೆ)– ರಾಜ್ಯ ಸಫಾಯಿ ಕರ್ಮಚಾರಿ ಆಯೋಗದ ಅಧ್ಯಕ್ಷ ಕೋಟೆ ಎಂ.ಶಿವಣ್ಣ ಅವರು ಪೌರ ಕಾರ್ಮಿಕರಿಗೆ ಅಗತ್ಯ ಸೌಲಭ್ಯ ನೀಡದ ಅಧಿಕಾರಿಗಳ ವಿರುದ್ಧ ನಿರ್ದಾಕ್ಷಿಣ್ಯ ಕ್ರಮ ಕೈಗೊಳ್ಳಲಾಗುವುದು ಎಂದು ಎಚ್ಚರಿಕೆ ನೀಡಿದರು. ರಾಜ್ಯ ಸಫಾಯಿ ಕರ್ಮಚಾರಿ ಆಯೋಗದ ಅಧ್ಯಕ್ಷ ಕೋಟೆ ಎಂ.ಶಿವಣ್ಣ ಅವರು ಪೌರ ಕಾರ್ಮಿಕರಿಗೆ ಅಗತ್ಯ ಸೌಲಭ್ಯ ನೀಡದ ಅಧಿಕಾರಿಗಳ ವಿರುದ್ಧ ನಿರ್ದಾಕ್ಷಿಣ್ಯ ಕ್ರಮ ಕೈಗೊಳ್ಳಲಾಗುವುದು ಎಂದು ಎಚ್ಚರಿಕೆ ನೀಡಿದರು. ರಾಜ್ಯ ಸಫಾಯಿ ಕರ್ಮಚಾರಿ ಆಯೋಗದ ಅಧ್ಯಕ್ಷ ಕೋಟೆ ಎಂ.ಶಿವಣ್ಣ ಅವರು ಪೌರ ಕಾರ್ಮಿಕರಿಗೆ ಅಗತ್ಯ ಸೌಲಭ್ಯ ನೀಡದ ಅಧಿಕಾರಿಗಳ ವಿರುದ್ಧ ನಿರ್ದಾಕ್ಷಿಣ್ಯ ಕ್ರಮ ಕೈಗೊಳ್ಳಲಾಗುವುದು ಎಂದು ಎಚ್ಚರಿಕೆ ನೀಡಿದರು. ರಾಜ್ಯ ಸಫಾಯಿ ಕರ್ಮಚಾರಿ ಆಯೋಗದ ಅಧ್ಯಕ್ಷ ಕೋಟೆ ಎಂ.ಶಿವಣ್ಣ ಅವರು ಪೌರ ಕಾರ್ಮಿಕರಿಗೆ ಅಗತ್ಯ ಸೌಲಭ್ಯ ನೀಡದ ಅಧಿಕಾರಿಗಳ ವಿರುದ್ಧ ನಿರ್ದಾಕ್ಷಿಣ್ಯ ಕ್ರಮ ಕೈಗೊಳ್ಳಲಾಗುವುದು ಎಂದು ಎಚ್ಚರಿಕೆ ನೀಡಿದರು.
ಚಾಮುಂಡಿಬೆಟ್ಟದಲ್ಲಿ ಒಳಚರಂಡಿ ಮ್ಯಾನ್‌ಹೋಲ್‌ನಲ್ಲಿ ಇಳಿದು ಮೃತಪಟ್ಟ ಪೌರಕಾರ್ಮಿಕ ಚೆಲುವರಾಜು ಕುಟುಂಬಕ್ಕೆ ಇದುವರೆಗೂ ...
ರಾಜ್ಯ ಸಫಾಯಿ ಕರ್ಮಚಾರಿ ಆಯೋಗದ ಅಧ್ಯಕ್ಷ ಕೋಟೆ ಎಂ.ಶಿವಣ್ಣ ಅವರು ಪೌರ ಕಾರ್ಮಿಕರಿಗೆ ಅಗತ್ಯ ಸೌಲಭ್ಯ ನೀಡದ ಅಧಿಕಾರಿಗಳ ವಿರುದ್ಧ ನಿರ್ದಾಕ್ಷಿಣ್ಯ ಕ್ರಮ ಕೈಗೊಳ್ಳಲಾಗುವುದು ಎಂದು ಎಚ್ಚರಿಕೆ ನೀಡಿದರು. ರಾಜ್ಯ ಸಫಾಯಿ ಕರ್ಮಚಾರಿ ಆಯೋಗದ ಅಧ್ಯಕ್ಷ ಕೋಟೆ ಎಂ.ಶಿವಣ್ಣ ಅವರು ಪೌರ ಕಾರ್ಮಿಕರಿಗೆ ಅಗತ್ಯ ಸೌಲಭ್ಯ ನೀಡದ ಅಧಿಕಾರಿಗಳ ವಿರುದ್ಧ ನಿರ್ದಾಕ್ಷಿಣ್ಯ ಕ್ರಮ ಕೈಗೊಳ್ಳಲಾಗುವುದು ಎಂದು ಎಚ್ಚರಿಕೆ ನೀಡಿದರು. ರಾಜ್ಯ ಸಫಾಯಿ ಕರ್ಮಚಾರಿ ಆಯೋಗದ ಅಧ್ಯಕ್ಷ ಕೋಟೆ ಎಂ.ಶಿವಣ್ಣ ಅವರು ಪೌರ ಕಾರ್ಮಿಕರಿಗೆ ಅಗತ್ಯ ಸೌಲಭ್ಯ ನೀಡದ ಅಧಿಕಾರಿಗಳ ವಿರುದ್ಧ ನಿರ್ದಾಕ್ಷಿಣ್ಯ ಕ್ರಮ ಕೈಗೊಳ್ಳಲಾಗುವುದು ಎಂದು ಎಚ್ಚರಿಕೆ ನೀಡಿದರು. ರಾಜ್ಯ ಸಫಾಯಿ ಕರ್ಮಚಾರಿ ಆಯೋಗದ ಅಧ್ಯಕ್ಷ ಕೋಟೆ ಎಂ.ಶಿವಣ್ಣ ಅವರು ಪೌರ ಕಾರ್ಮಿಕರಿಗೆ ಅಗತ್ಯ ಸೌಲಭ್ಯ ನೀಡದ ಅಧಿಕಾರಿಗಳ ವಿರುದ್ಧ ನಿರ್ದಾಕ್ಷಿಣ್ಯ ಕ್ರಮ ಕೈಗೊಳ್ಳಲಾಗುವುದು ಎಂದು ಎಚ್ಚರಿಕೆ ನೀಡಿದರು. ಪೌರಕಾರ್ಮಿಕ ಮುಖಂಡರು ವಿದ್ಯಾಭ್ಯಾಸಕ್ಕೆ ತಕ್ಕ ಉದ್ಯೋಗ ನೀಡುವಂತೆ ಆಯೋಗದ ಅಧ್ಯಕ್ಷರಲ್ಲಿ ಮನವಿ ಮಾಡಿದರು. ಪೌರಕಾರ್ಮಿಕ ಮುಖಂಡರು ವಿದ್ಯಾಭ್ಯಾಸಕ್ಕೆ ತಕ್ಕ ಉದ್ಯೋಗ ನೀಡುವಂತೆ ಆಯೋಗದ ಅಧ್ಯಕ್ಷರಲ್ಲಿ ಮನವಿ ಮಾಡಿದರು. ಪೌರಕಾರ್ಮಿಕ ಮುಖಂಡರು ವಿದ್ಯಾಭ್ಯಾಸಕ್ಕೆ ತಕ್ಕ ಉದ್ಯೋಗ ನೀಡುವಂತೆ ಆಯೋಗದ ಅಧ್ಯಕ್ಷರಲ್ಲಿ ಮನವಿ ಮಾಡಿದರು.
